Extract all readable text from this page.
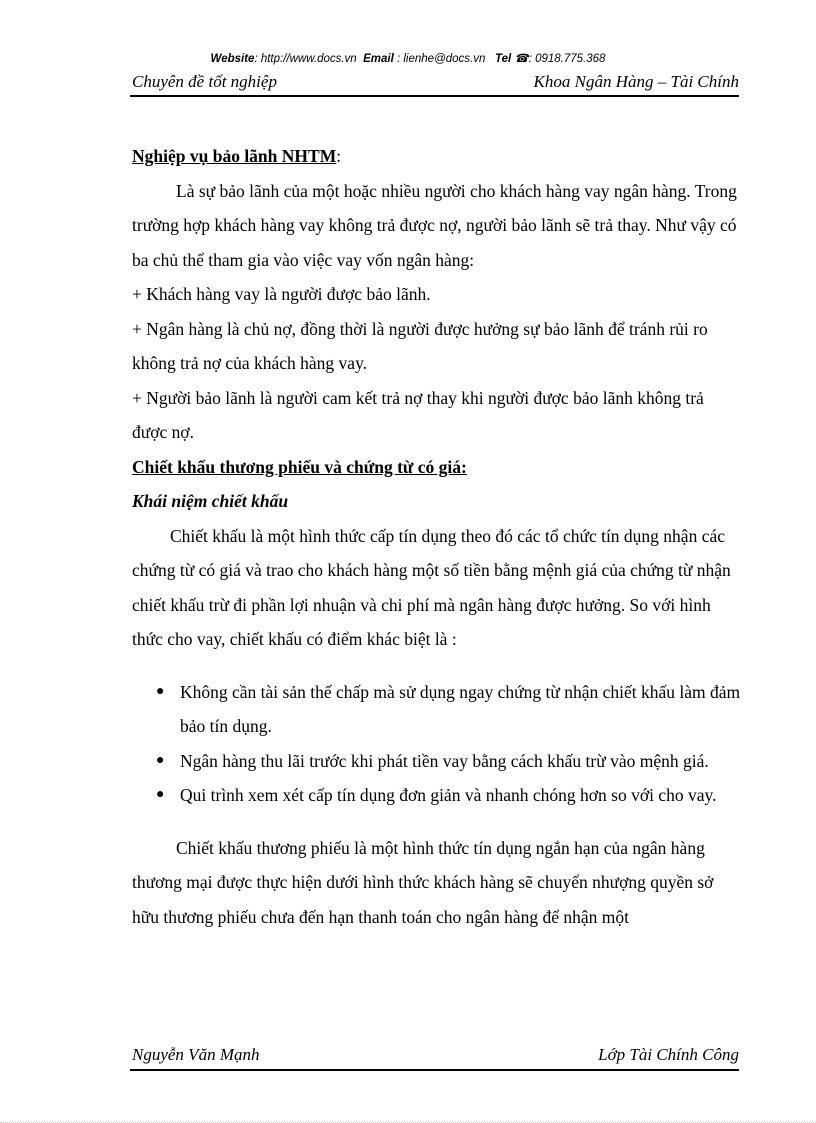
Website: http://www.docs.vn Email : lienhe@docs.vn Tel ☎: 0918.775.368
Chuyên đề tốt nghiệp	Khoa Ngân Hàng – Tài Chính

Nghiệp vụ bảo lãnh NHTM:

Là sự bảo lãnh của một hoặc nhiều người cho khách hàng vay ngân hàng. Trong trường hợp khách hàng vay không trả được nợ, người bảo lãnh sẽ trả thay. Như vậy có ba chủ thể tham gia vào việc vay vốn ngân hàng:

+ Khách hàng vay là người được bảo lãnh.

+ Ngân hàng là chủ nợ, đồng thời là người được hưởng sự bảo lãnh để tránh rủi ro không trả nợ của khách hàng vay.

+ Người bảo lãnh là người cam kết trả nợ thay khi người được bảo lãnh không trả được nợ.

Chiết khấu thương phiếu và chứng từ có giá:

Khái niệm chiết khấu

Chiết khấu là một hình thức cấp tín dụng theo đó các tổ chức tín dụng nhận các chứng từ có giá và trao cho khách hàng một số tiền bằng mệnh giá của chứng từ nhận chiết khấu trừ đi phần lợi nhuận và chi phí mà ngân hàng được hưởng. So với hình thức cho vay, chiết khấu có điểm khác biệt là :

● Không cần tài sản thế chấp mà sử dụng ngay chứng từ nhận chiết khấu làm đảm bảo tín dụng.
● Ngân hàng thu lãi trước khi phát tiền vay bằng cách khấu trừ vào mệnh giá.
● Qui trình xem xét cấp tín dụng đơn giản và nhanh chóng hơn so với cho vay.

Chiết khấu thương phiếu là một hình thức tín dụng ngắn hạn của ngân hàng thương mại được thực hiện dưới hình thức khách hàng sẽ chuyển nhượng quyền sở hữu thương phiếu chưa đến hạn thanh toán cho ngân hàng để nhận một

Nguyễn Văn Mạnh	Lớp Tài Chính Công
